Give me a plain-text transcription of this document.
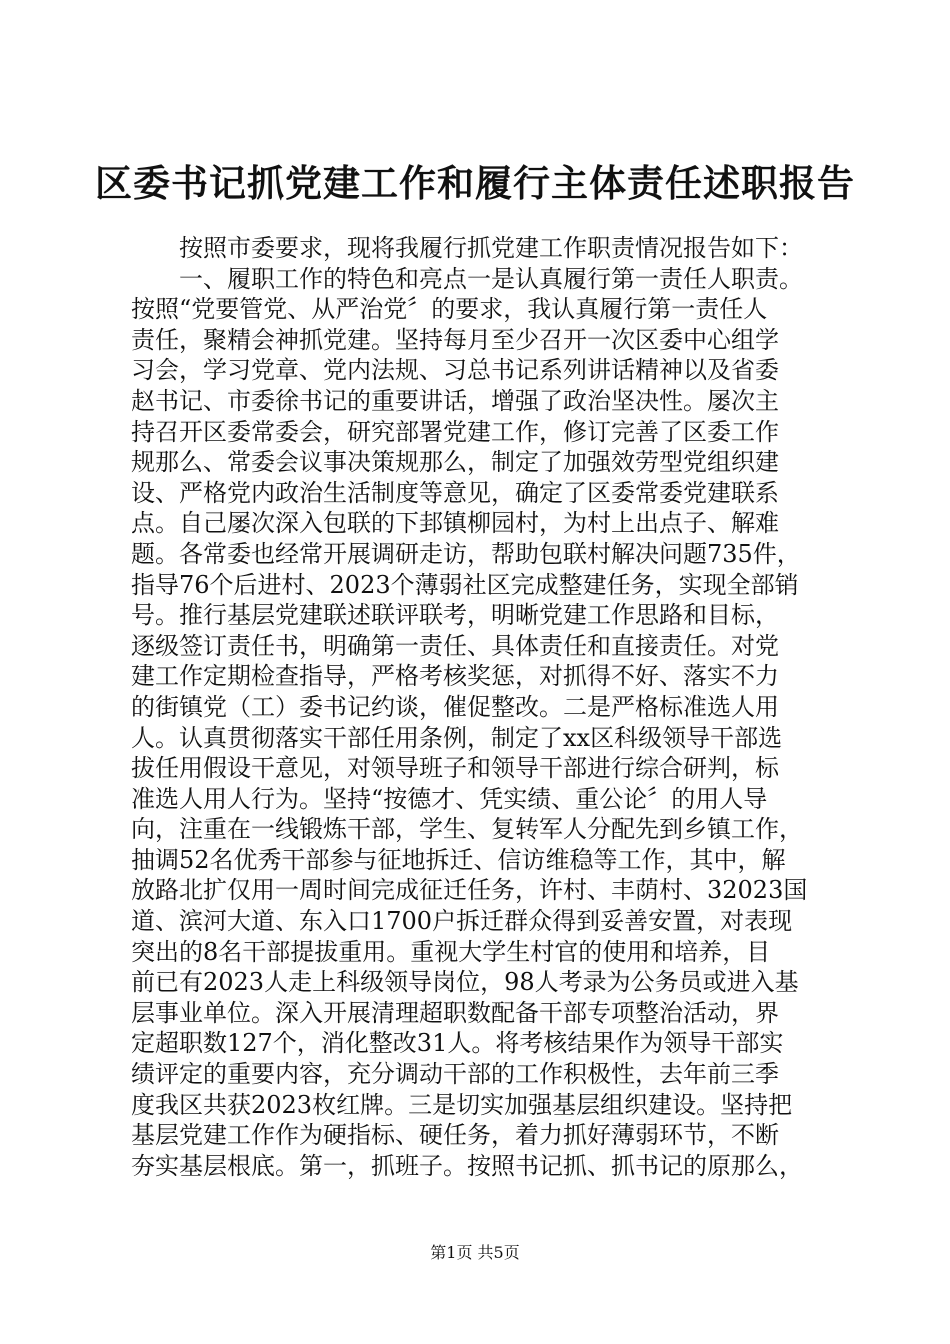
区委书记抓党建工作和履行主体责任述职报告
　　按照市委要求，现将我履行抓党建工作职责情况报告如下：
　　一、履职工作的特色和亮点一是认真履行第一责任人职责。
按照“党要管党、从严治党〞的要求，我认真履行第一责任人
责任，聚精会神抓党建。坚持每月至少召开一次区委中心组学
习会，学习党章、党内法规、习总书记系列讲话精神以及省委
赵书记、市委徐书记的重要讲话，增强了政治坚决性。屡次主
持召开区委常委会，研究部署党建工作，修订完善了区委工作
规那么、常委会议事决策规那么，制定了加强效劳型党组织建
设、严格党内政治生活制度等意见，确定了区委常委党建联系
点。自己屡次深入包联的下邽镇柳园村，为村上出点子、解难
题。各常委也经常开展调研走访，帮助包联村解决问题735件，
指导76个后进村、2023个薄弱社区完成整建任务，实现全部销
号。推行基层党建联述联评联考，明晰党建工作思路和目标，
逐级签订责任书，明确第一责任、具体责任和直接责任。对党
建工作定期检查指导，严格考核奖惩，对抓得不好、落实不力
的街镇党（工）委书记约谈，催促整改。二是严格标准选人用
人。认真贯彻落实干部任用条例，制定了xx区科级领导干部选
拔任用假设干意见，对领导班子和领导干部进行综合研判，标
准选人用人行为。坚持“按德才、凭实绩、重公论〞的用人导
向，注重在一线锻炼干部，学生、复转军人分配先到乡镇工作，
抽调52名优秀干部参与征地拆迁、信访维稳等工作，其中，解
放路北扩仅用一周时间完成征迁任务，许村、丰荫村、32023国
道、滨河大道、东入口1700户拆迁群众得到妥善安置，对表现
突出的8名干部提拔重用。重视大学生村官的使用和培养，目
前已有2023人走上科级领导岗位，98人考录为公务员或进入基
层事业单位。深入开展清理超职数配备干部专项整治活动，界
定超职数127个，消化整改31人。将考核结果作为领导干部实
绩评定的重要内容，充分调动干部的工作积极性，去年前三季
度我区共获2023枚红牌。三是切实加强基层组织建设。坚持把
基层党建工作作为硬指标、硬任务，着力抓好薄弱环节，不断
夯实基层根底。第一，抓班子。按照书记抓、抓书记的原那么，
第1页 共5页
